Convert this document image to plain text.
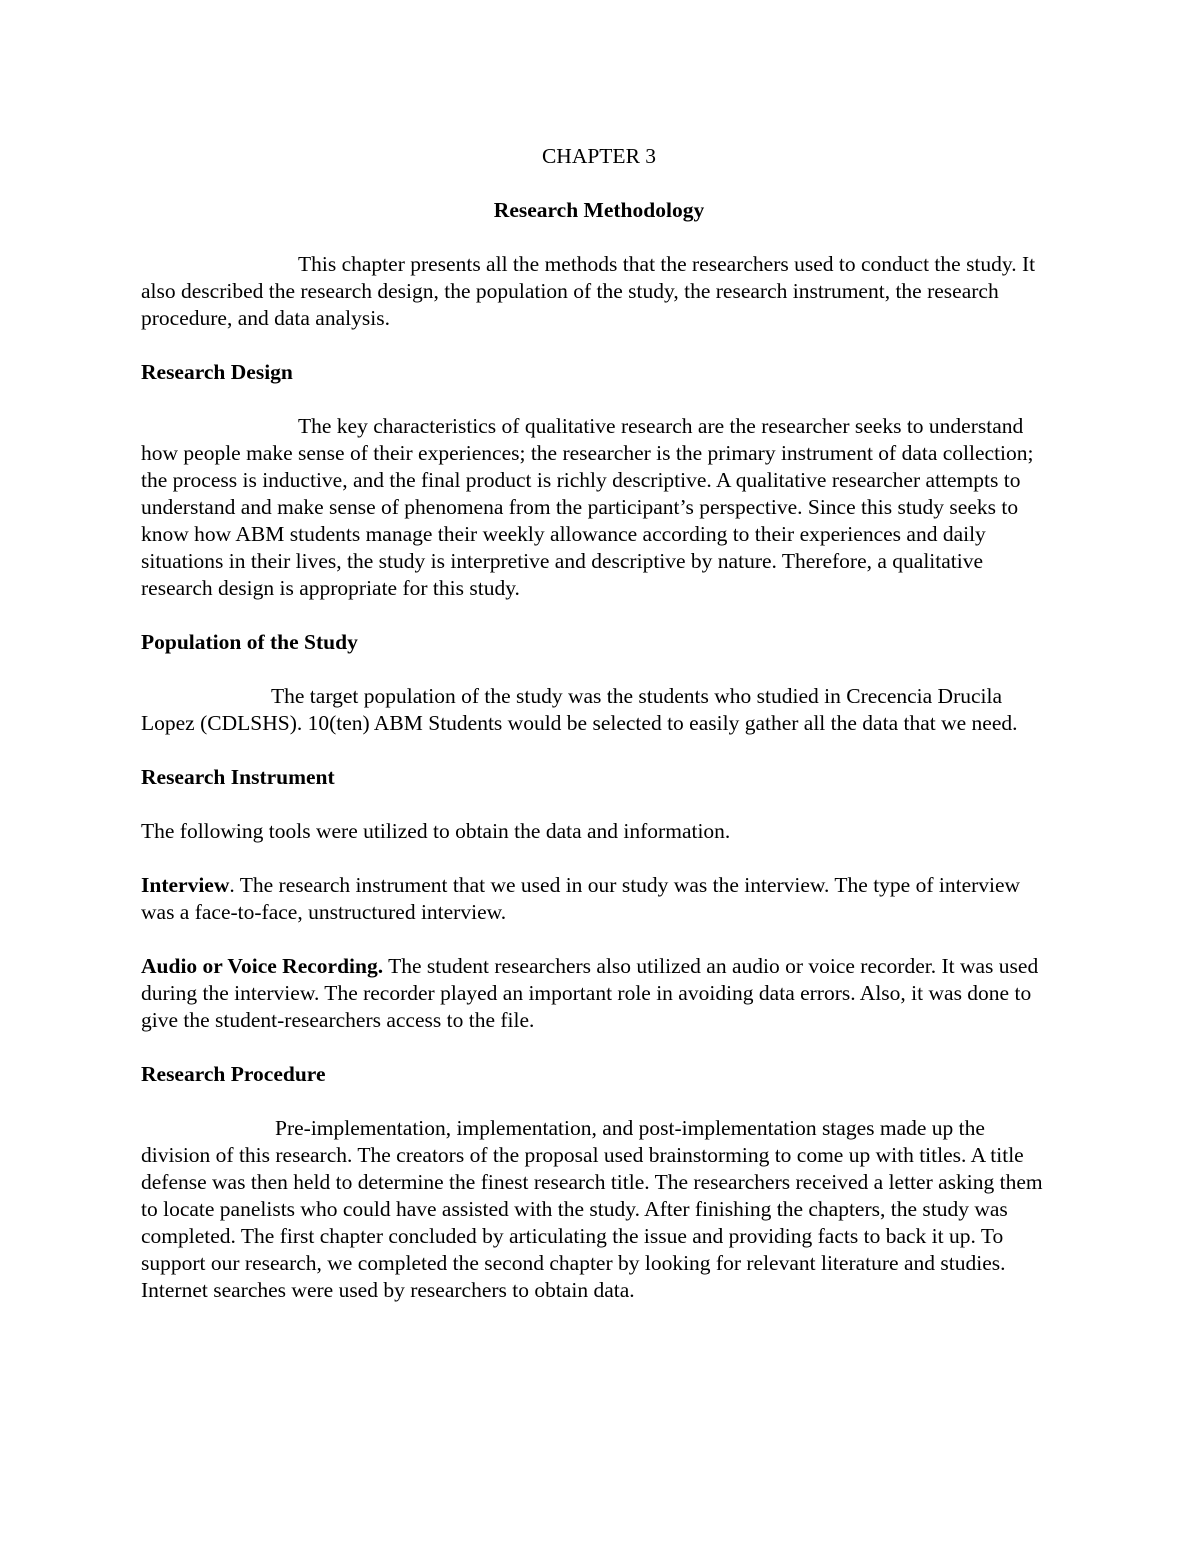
CHAPTER 3
Research Methodology

This chapter presents all the methods that the researchers used to conduct the study. It also described the research design, the population of the study, the research instrument, the research procedure, and data analysis.

Research Design

The key characteristics of qualitative research are the researcher seeks to understand how people make sense of their experiences; the researcher is the primary instrument of data collection; the process is inductive, and the final product is richly descriptive. A qualitative researcher attempts to understand and make sense of phenomena from the participant’s perspective. Since this study seeks to know how ABM students manage their weekly allowance according to their experiences and daily situations in their lives, the study is interpretive and descriptive by nature. Therefore, a qualitative research design is appropriate for this study.

Population of the Study

The target population of the study was the students who studied in Crecencia Drucila Lopez (CDLSHS). 10(ten) ABM Students would be selected to easily gather all the data that we need.

Research Instrument

The following tools were utilized to obtain the data and information.

Interview. The research instrument that we used in our study was the interview. The type of interview was a face-to-face, unstructured interview.

Audio or Voice Recording. The student researchers also utilized an audio or voice recorder. It was used during the interview. The recorder played an important role in avoiding data errors. Also, it was done to give the student-researchers access to the file.

Research Procedure

Pre-implementation, implementation, and post-implementation stages made up the division of this research. The creators of the proposal used brainstorming to come up with titles. A title defense was then held to determine the finest research title. The researchers received a letter asking them to locate panelists who could have assisted with the study. After finishing the chapters, the study was completed. The first chapter concluded by articulating the issue and providing facts to back it up. To support our research, we completed the second chapter by looking for relevant literature and studies. Internet searches were used by researchers to obtain data.
